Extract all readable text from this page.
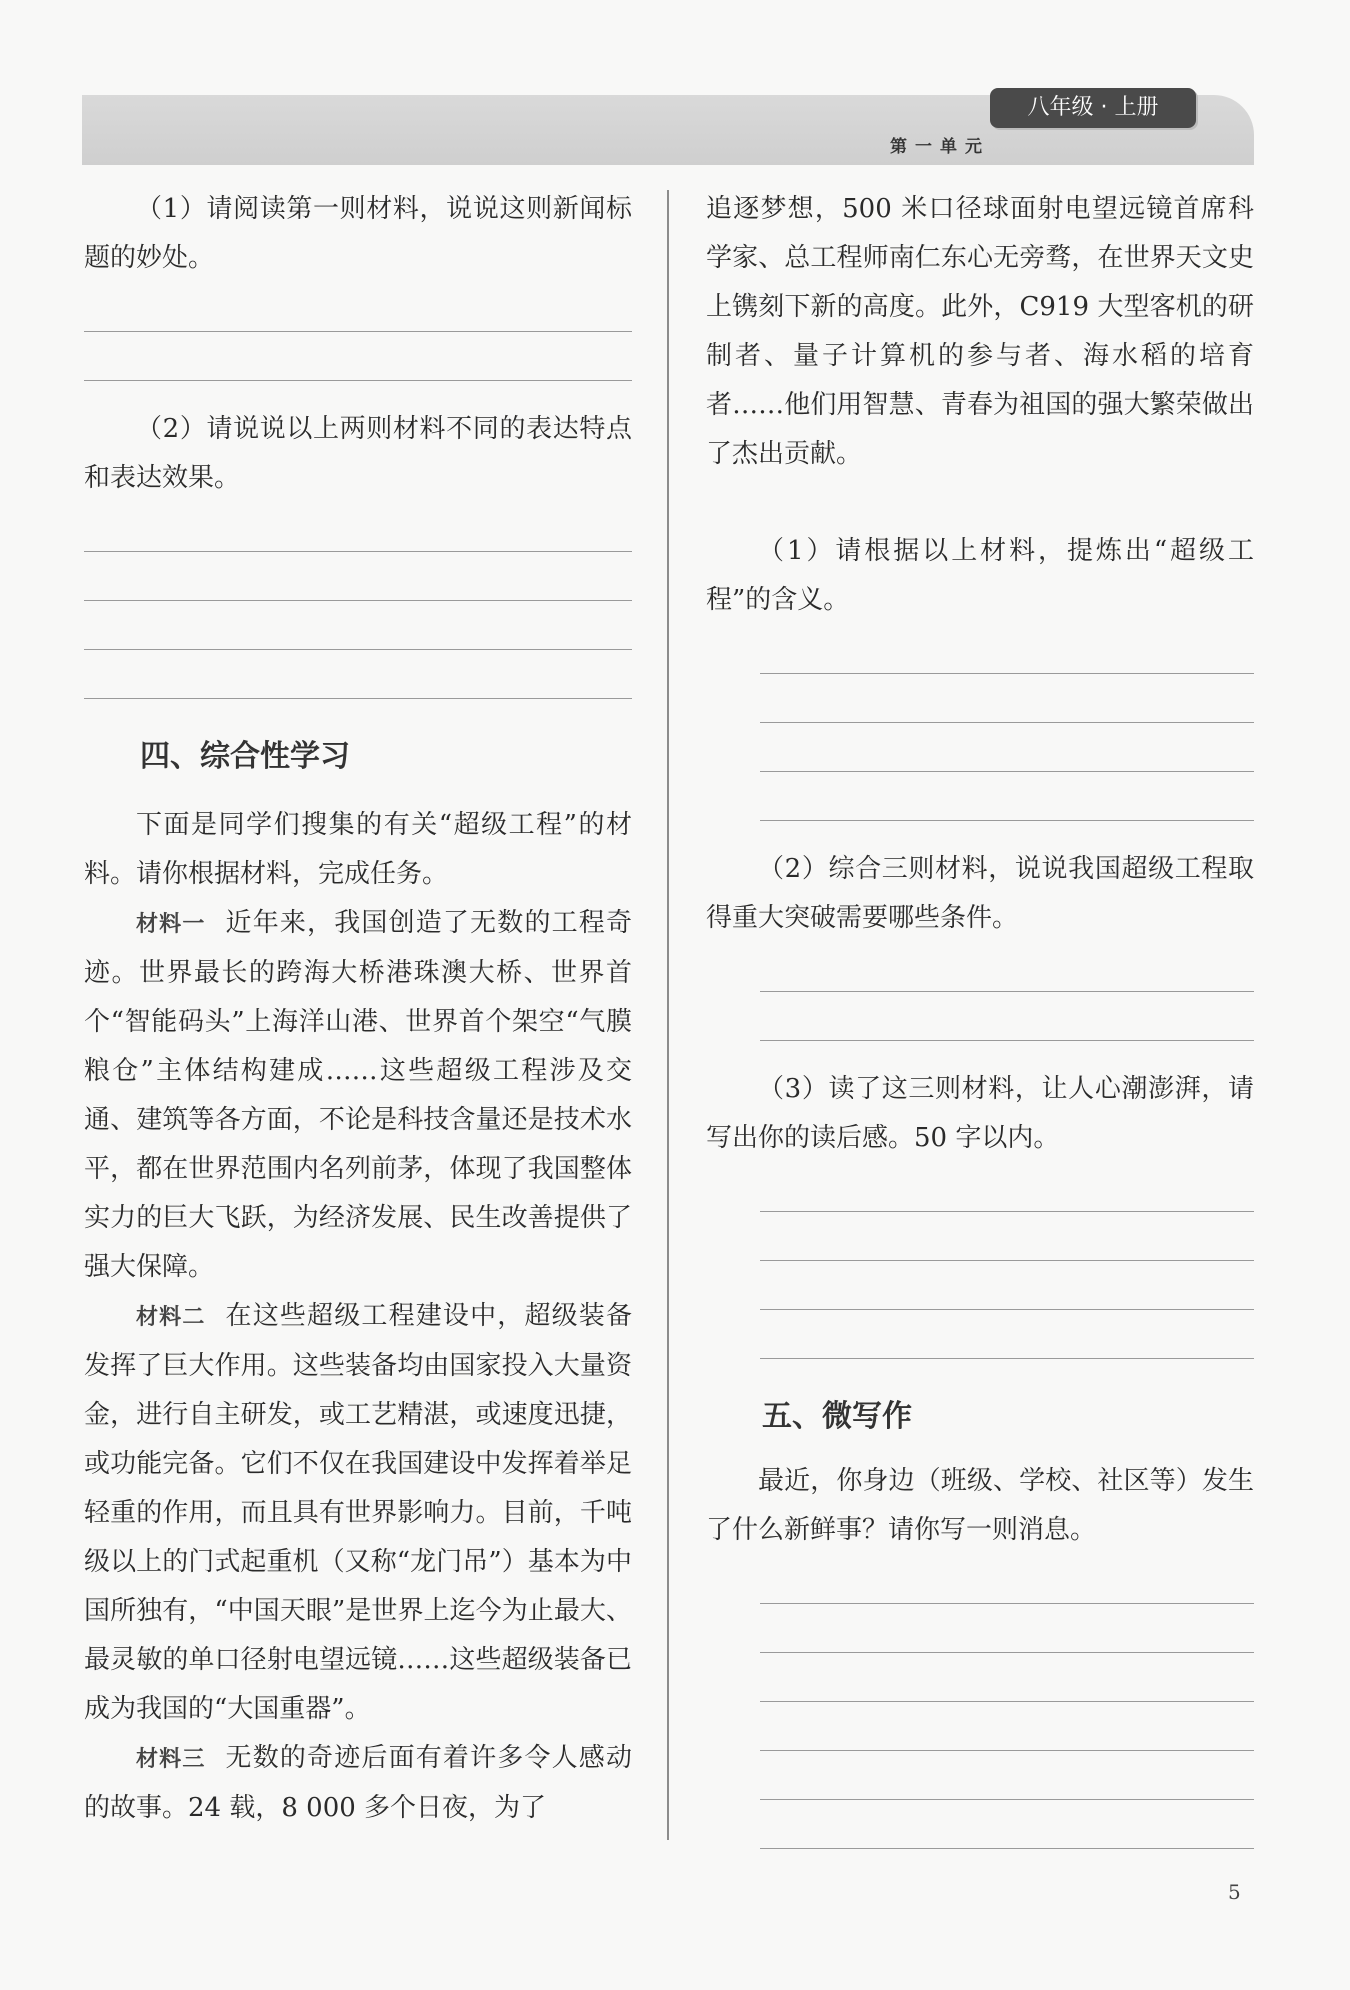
八年级 · 上册
第一单元

（1）请阅读第一则材料，说说这则新闻标题的妙处。

（2）请说说以上两则材料不同的表达特点和表达效果。

四、综合性学习

下面是同学们搜集的有关“超级工程”的材料。请你根据材料，完成任务。

材料一 近年来，我国创造了无数的工程奇迹。世界最长的跨海大桥港珠澳大桥、世界首个“智能码头”上海洋山港、世界首个架空“气膜粮仓”主体结构建成……这些超级工程涉及交通、建筑等各方面，不论是科技含量还是技术水平，都在世界范围内名列前茅，体现了我国整体实力的巨大飞跃，为经济发展、民生改善提供了强大保障。

材料二 在这些超级工程建设中，超级装备发挥了巨大作用。这些装备均由国家投入大量资金，进行自主研发，或工艺精湛，或速度迅捷，或功能完备。它们不仅在我国建设中发挥着举足轻重的作用，而且具有世界影响力。目前，千吨级以上的门式起重机（又称“龙门吊”）基本为中国所独有，“中国天眼”是世界上迄今为止最大、最灵敏的单口径射电望远镜……这些超级装备已成为我国的“大国重器”。

材料三 无数的奇迹后面有着许多令人感动的故事。24 载，8 000 多个日夜，为了

追逐梦想，500 米口径球面射电望远镜首席科学家、总工程师南仁东心无旁骛，在世界天文史上镌刻下新的高度。此外，C919 大型客机的研制者、量子计算机的参与者、海水稻的培育者……他们用智慧、青春为祖国的强大繁荣做出了杰出贡献。

（1）请根据以上材料，提炼出“超级工程”的含义。

（2）综合三则材料，说说我国超级工程取得重大突破需要哪些条件。

（3）读了这三则材料，让人心潮澎湃，请写出你的读后感。50 字以内。

五、微写作

最近，你身边（班级、学校、社区等）发生了什么新鲜事？请你写一则消息。

5
